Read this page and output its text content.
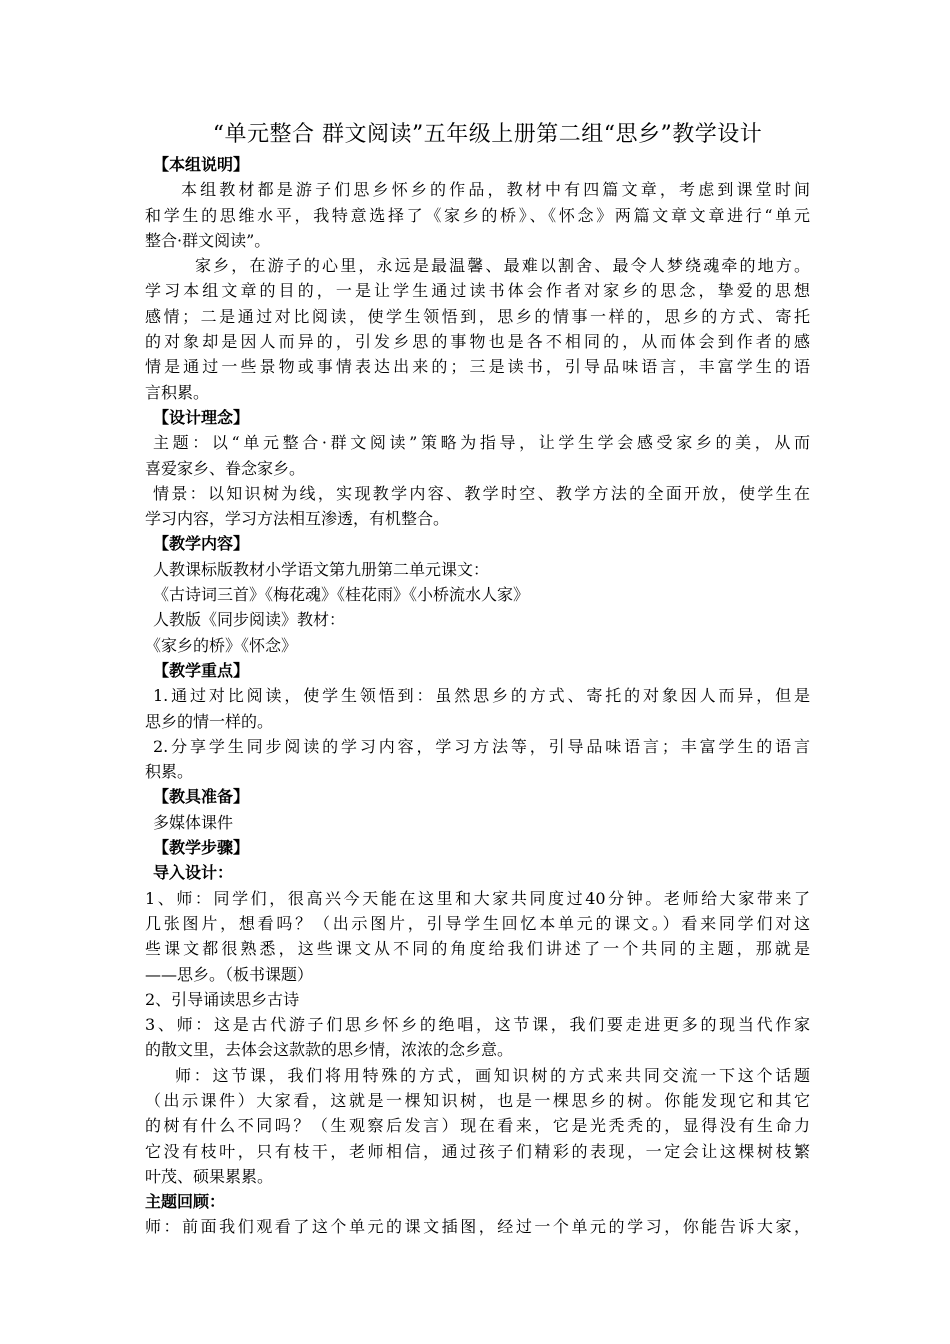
“单元整合 群文阅读”五年级上册第二组“思乡”教学设计
【本组说明】
本组教材都是游子们思乡怀乡的作品，教材中有四篇文章，考虑到课堂时间
和学生的思维水平，我特意选择了《家乡的桥》、《怀念》两篇文章文章进行“单元
整合·群文阅读”。
家乡，在游子的心里，永远是最温馨、最难以割舍、最令人梦绕魂牵的地方。
学习本组文章的目的，一是让学生通过读书体会作者对家乡的思念，挚爱的思想
感情；二是通过对比阅读，使学生领悟到，思乡的情事一样的，思乡的方式、寄托
的对象却是因人而异的，引发乡思的事物也是各不相同的，从而体会到作者的感
情是通过一些景物或事情表达出来的；三是读书，引导品味语言，丰富学生的语
言积累。
【设计理念】
主题：以“单元整合·群文阅读”策略为指导，让学生学会感受家乡的美，从而
喜爱家乡、眷念家乡。
情景：以知识树为线，实现教学内容、教学时空、教学方法的全面开放，使学生在
学习内容，学习方法相互渗透，有机整合。
【教学内容】
人教课标版教材小学语文第九册第二单元课文：
《古诗词三首》《梅花魂》《桂花雨》《小桥流水人家》
人教版《同步阅读》教材：
《家乡的桥》《怀念》
【教学重点】
1.通过对比阅读，使学生领悟到：虽然思乡的方式、寄托的对象因人而异，但是
思乡的情一样的。
2.分享学生同步阅读的学习内容，学习方法等，引导品味语言；丰富学生的语言
积累。
【教具准备】
多媒体课件
【教学步骤】
导入设计：
1、师：同学们，很高兴今天能在这里和大家共同度过40分钟。老师给大家带来了
几张图片，想看吗？（出示图片，引导学生回忆本单元的课文。）看来同学们对这
些课文都很熟悉，这些课文从不同的角度给我们讲述了一个共同的主题，那就是
——思乡。（板书课题）
2、引导诵读思乡古诗
3、师：这是古代游子们思乡怀乡的绝唱，这节课，我们要走进更多的现当代作家
的散文里，去体会这款款的思乡情，浓浓的念乡意。
师：这节课，我们将用特殊的方式，画知识树的方式来共同交流一下这个话题
（出示课件）大家看，这就是一棵知识树，也是一棵思乡的树。你能发现它和其它
的树有什么不同吗？（生观察后发言）现在看来，它是光秃秃的，显得没有生命力
它没有枝叶，只有枝干，老师相信，通过孩子们精彩的表现，一定会让这棵树枝繁
叶茂、硕果累累。
主题回顾：
师：前面我们观看了这个单元的课文插图，经过一个单元的学习，你能告诉大家，
